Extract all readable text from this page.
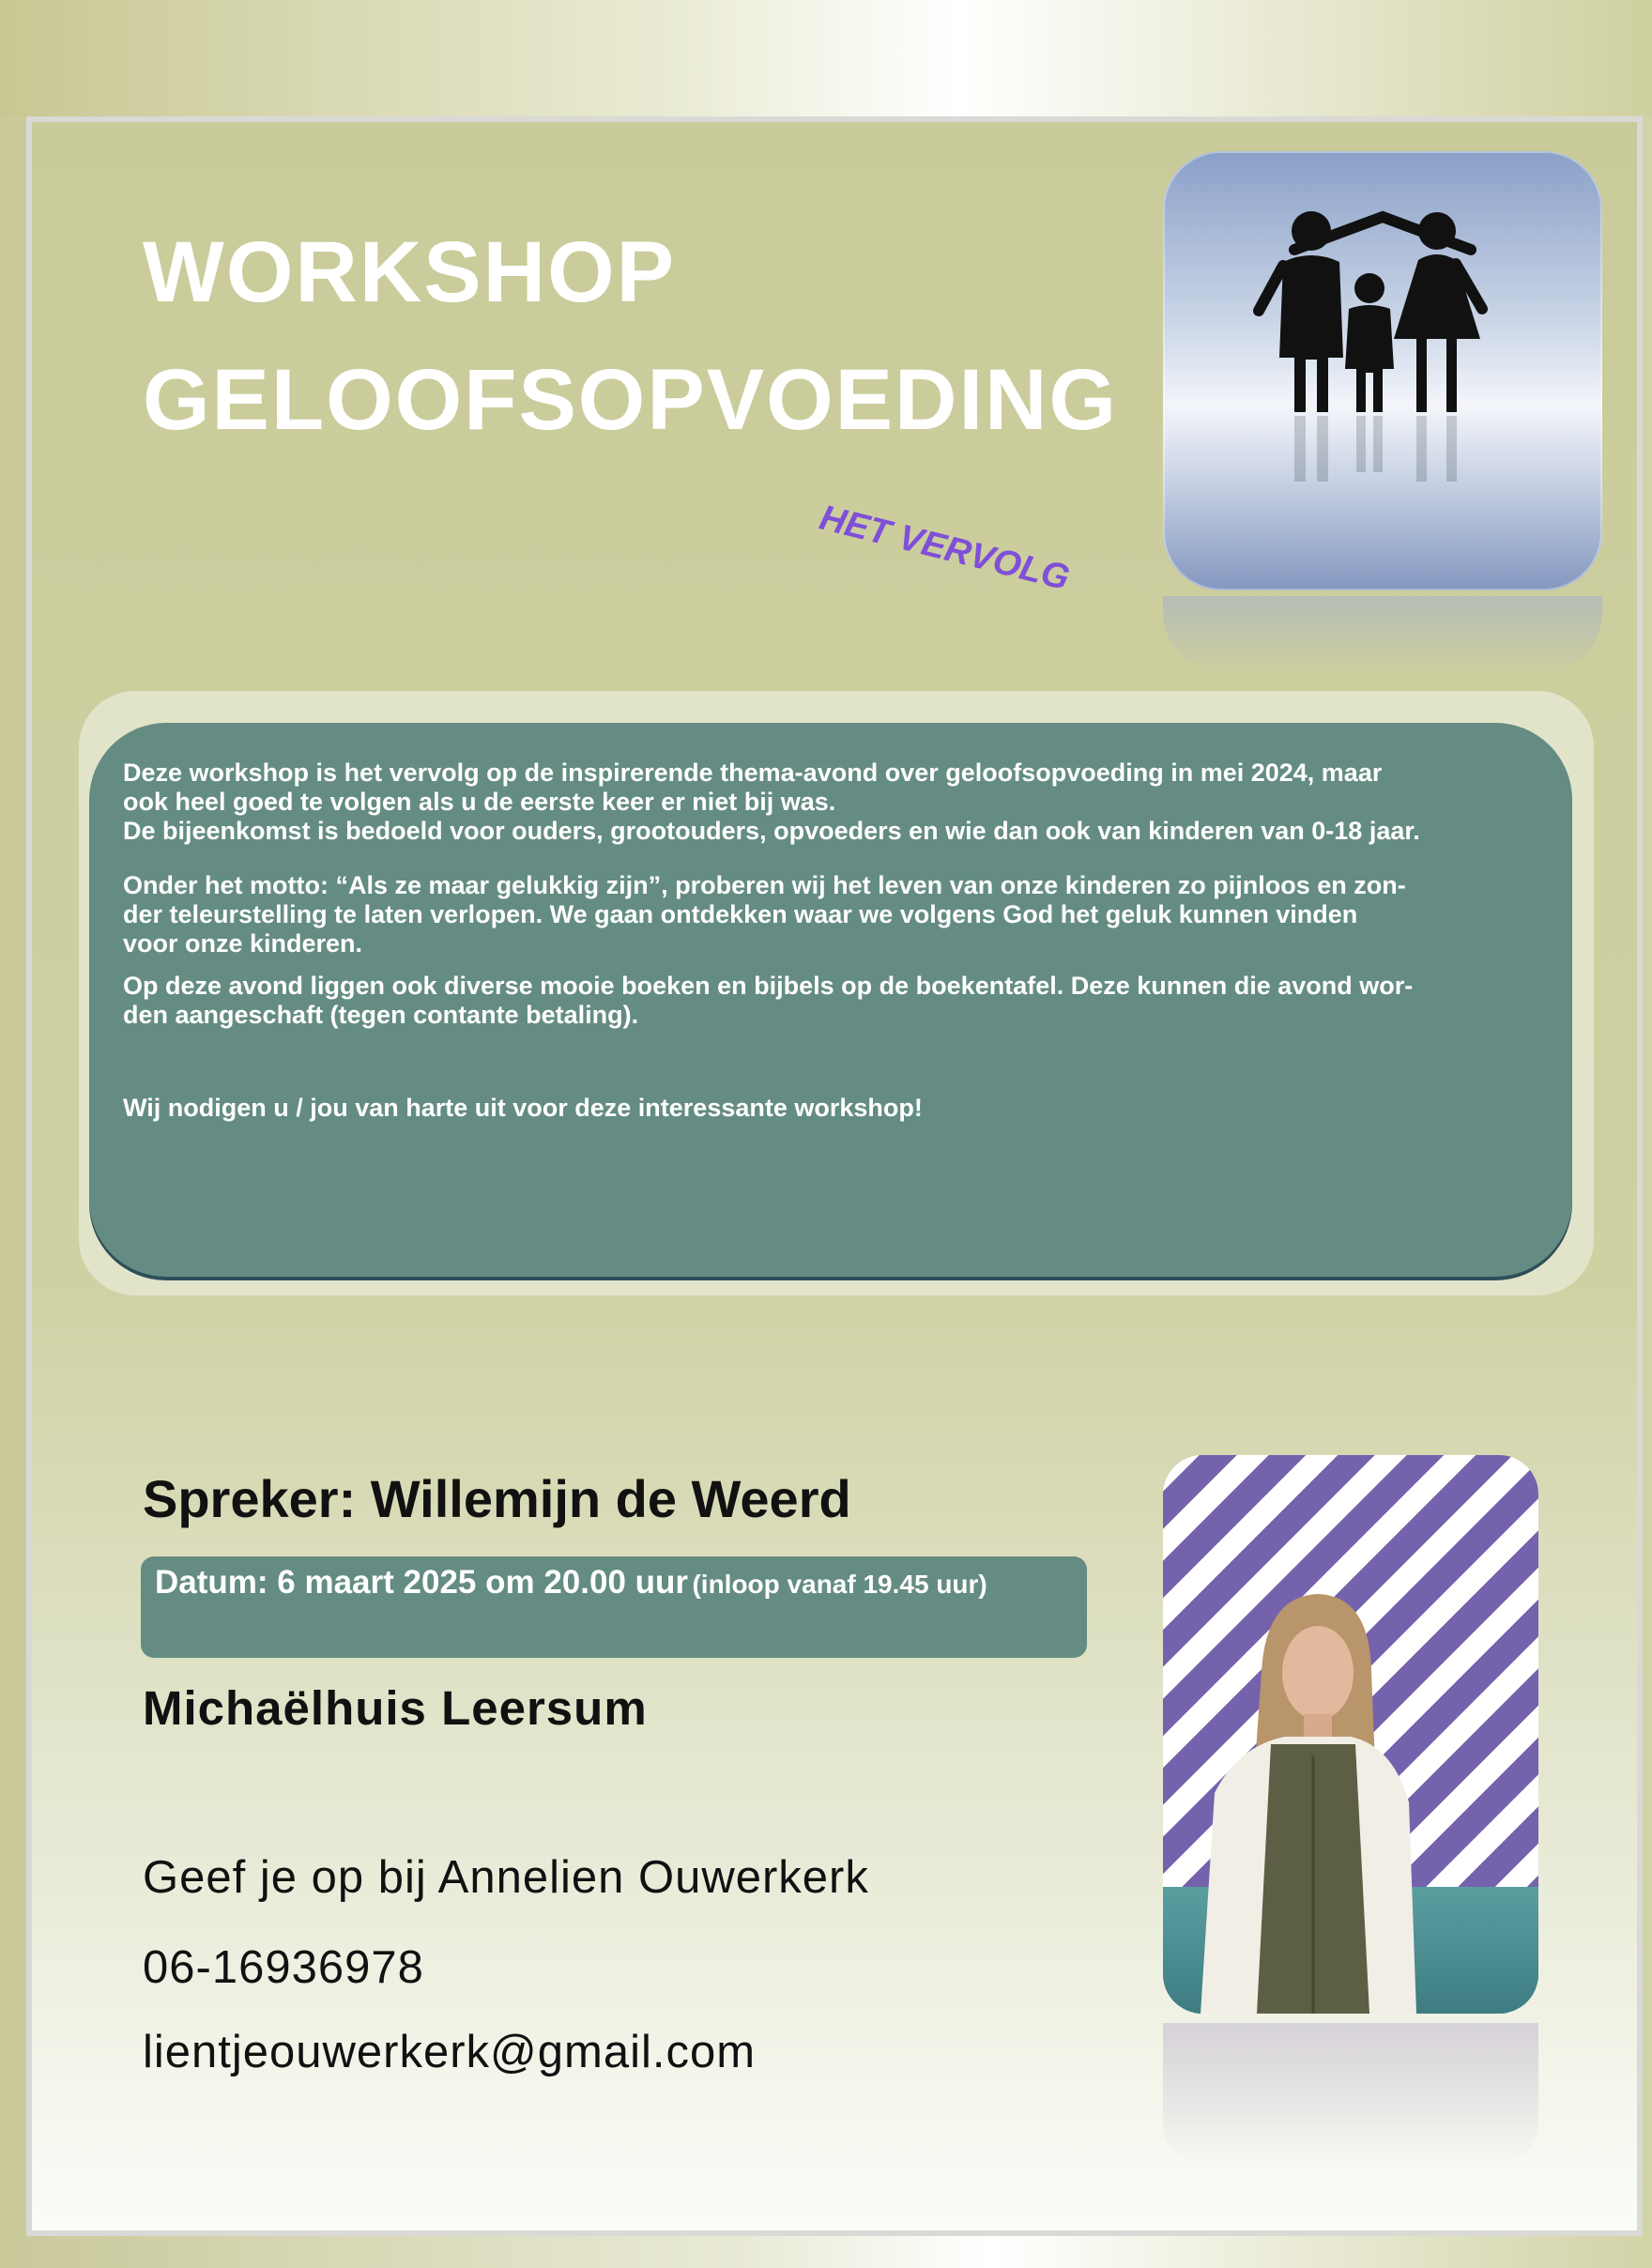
WORKSHOP
GELOOFSOPVOEDING

HET VERVOLG

Deze workshop is het vervolg op de inspirerende thema-avond over geloofsopvoeding in mei 2024, maar

ook heel goed te volgen als u de eerste keer er niet bij was.

De bijeenkomst is bedoeld voor ouders, grootouders, opvoeders en wie dan ook van kinderen van 0-18 jaar.

Onder het motto: “Als ze maar gelukkig zijn”, proberen wij het leven van onze kinderen zo pijnloos en zon-

der teleurstelling te laten verlopen. We gaan ontdekken waar we volgens God het geluk kunnen vinden

voor onze kinderen.

Op deze avond liggen ook diverse mooie boeken en bijbels op de boekentafel. Deze kunnen die avond wor-

den aangeschaft (tegen contante betaling).

Wij nodigen u / jou van harte uit voor deze interessante workshop!

Spreker: Willemijn de Weerd

Datum: 6 maart 2025 om 20.00 uur (inloop vanaf 19.45 uur)

Michaëlhuis Leersum

Geef je op bij Annelien Ouwerkerk

06-16936978

lientjeouwerkerk@gmail.com
